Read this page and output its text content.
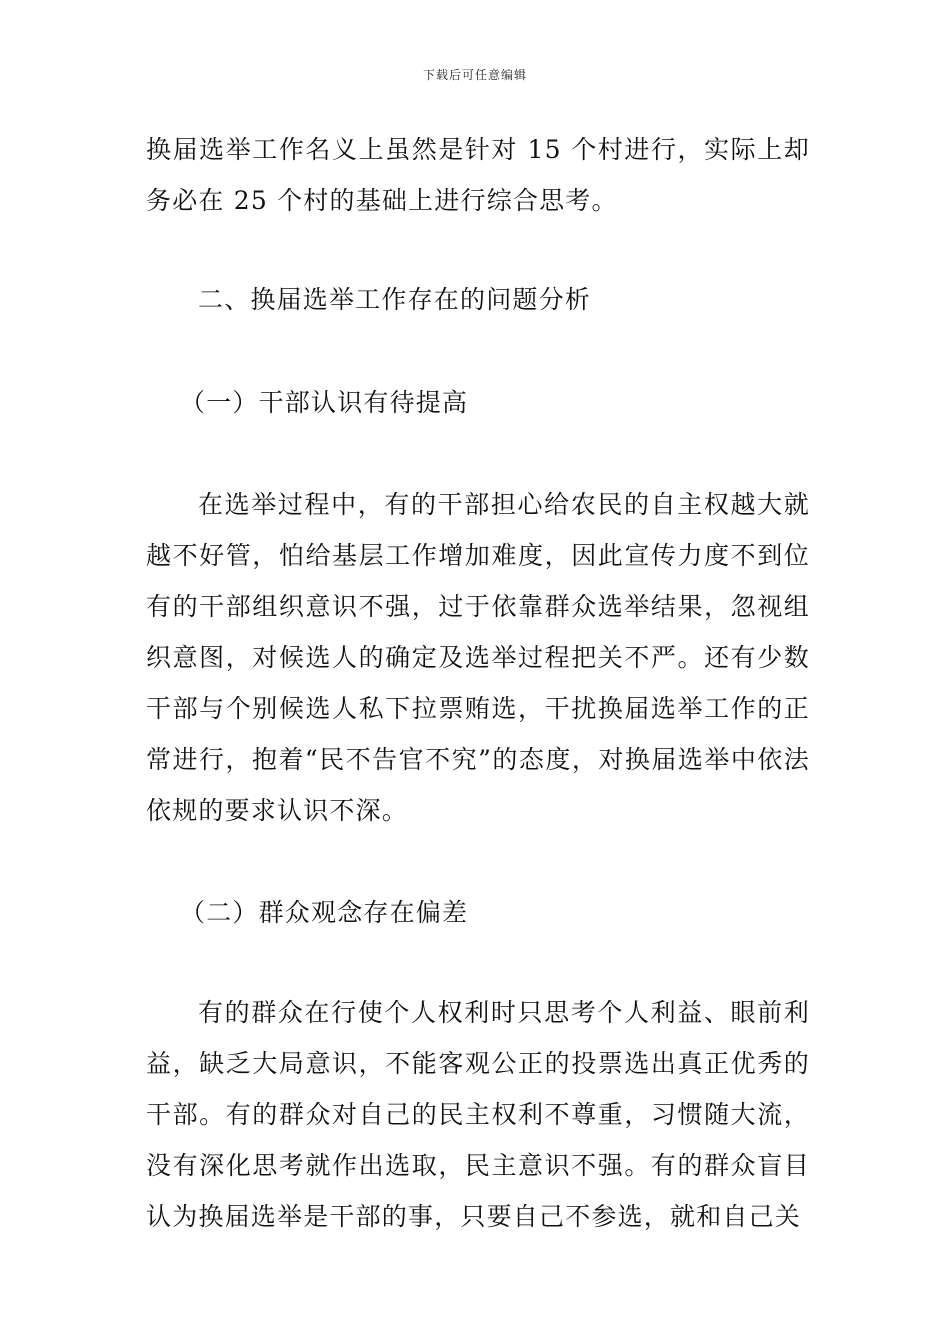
下载后可任意编辑

换届选举工作名义上虽然是针对 15 个村进行，实际上却务必在 25 个村的基础上进行综合思考。

二、换届选举工作存在的问题分析

（一）干部认识有待提高

在选举过程中，有的干部担心给农民的自主权越大就越不好管，怕给基层工作增加难度，因此宣传力度不到位有的干部组织意识不强，过于依靠群众选举结果，忽视组织意图，对候选人的确定及选举过程把关不严。还有少数干部与个别候选人私下拉票贿选，干扰换届选举工作的正常进行，抱着“民不告官不究”的态度，对换届选举中依法依规的要求认识不深。

（二）群众观念存在偏差

有的群众在行使个人权利时只思考个人利益、眼前利益，缺乏大局意识，不能客观公正的投票选出真正优秀的干部。有的群众对自己的民主权利不尊重，习惯随大流，没有深化思考就作出选取，民主意识不强。有的群众盲目认为换届选举是干部的事，只要自己不参选，就和自己关
